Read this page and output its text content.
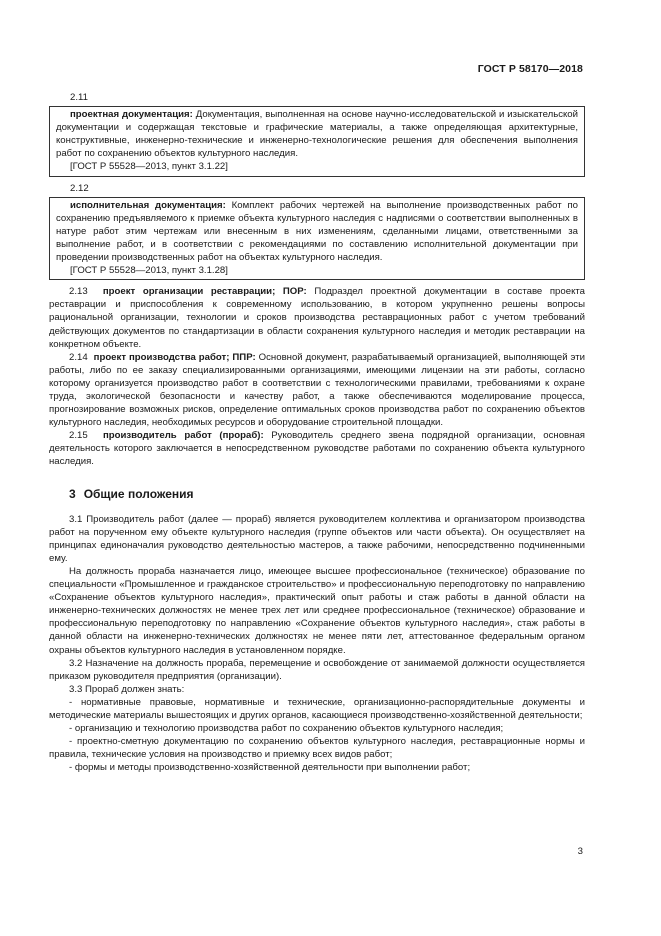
ГОСТ Р 58170—2018

2.11

проектная документация: Документация, выполненная на основе научно-исследовательской и изыскательской документации и содержащая текстовые и графические материалы, а также определяющая архитектурные, конструктивные, инженерно-технические и инженерно-технологические решения для обеспечения выполнения работ по сохранению объектов культурного наследия.

[ГОСТ Р 55528—2013, пункт 3.1.22]

2.12

исполнительная документация: Комплект рабочих чертежей на выполнение производственных работ по сохранению предъявляемого к приемке объекта культурного наследия с надписями о соответствии выполненных в натуре работ этим чертежам или внесенным в них изменениям, сделанными лицами, ответственными за выполнение работ, и в соответствии с рекомендациями по составлению исполнительной документации при проведении производственных работ на объектах культурного наследия.

[ГОСТ Р 55528—2013, пункт 3.1.28]

2.13 проект организации реставрации; ПОР: Подраздел проектной документации в составе проекта реставрации и приспособления к современному использованию, в котором укрупненно решены вопросы рациональной организации, технологии и сроков производства реставрационных работ с учетом требований действующих документов по стандартизации в области сохранения культурного наследия и методик реставрации на конкретном объекте.

2.14 проект производства работ; ППР: Основной документ, разрабатываемый организацией, выполняющей эти работы, либо по ее заказу специализированными организациями, имеющими лицензии на эти работы, согласно которому организуется производство работ в соответствии с технологическими правилами, требованиями к охране труда, экологической безопасности и качеству работ, а также обеспечиваются моделирование процесса, прогнозирование возможных рисков, определение оптимальных сроков производства работ по сохранению объектов культурного наследия, необходимых ресурсов и оборудование строительной площадки.

2.15 производитель работ (прораб): Руководитель среднего звена подрядной организации, основная деятельность которого заключается в непосредственном руководстве работами по сохранению объекта культурного наследия.

3 Общие положения

3.1 Производитель работ (далее — прораб) является руководителем коллектива и организатором производства работ на порученном ему объекте культурного наследия (группе объектов или части объекта). Он осуществляет на принципах единоначалия руководство деятельностью мастеров, а также рабочими, непосредственно подчиненными ему.

На должность прораба назначается лицо, имеющее высшее профессиональное (техническое) образование по специальности «Промышленное и гражданское строительство» и профессиональную переподготовку по направлению «Сохранение объектов культурного наследия», практический опыт работы и стаж работы в данной области на инженерно-технических должностях не менее трех лет или среднее профессиональное (техническое) образование и профессиональную переподготовку по направлению «Сохранение объектов культурного наследия», стаж работы в данной области на инженерно-технических должностях не менее пяти лет, аттестованное федеральным органом охраны объектов культурного наследия в установленном порядке.

3.2 Назначение на должность прораба, перемещение и освобождение от занимаемой должности осуществляется приказом руководителя предприятия (организации).

3.3 Прораб должен знать:

- нормативные правовые, нормативные и технические, организационно-распорядительные документы и методические материалы вышестоящих и других органов, касающиеся производственно-хозяйственной деятельности;

- организацию и технологию производства работ по сохранению объектов культурного наследия;

- проектно-сметную документацию по сохранению объектов культурного наследия, реставрационные нормы и правила, технические условия на производство и приемку всех видов работ;

- формы и методы производственно-хозяйственной деятельности при выполнении работ;

3
